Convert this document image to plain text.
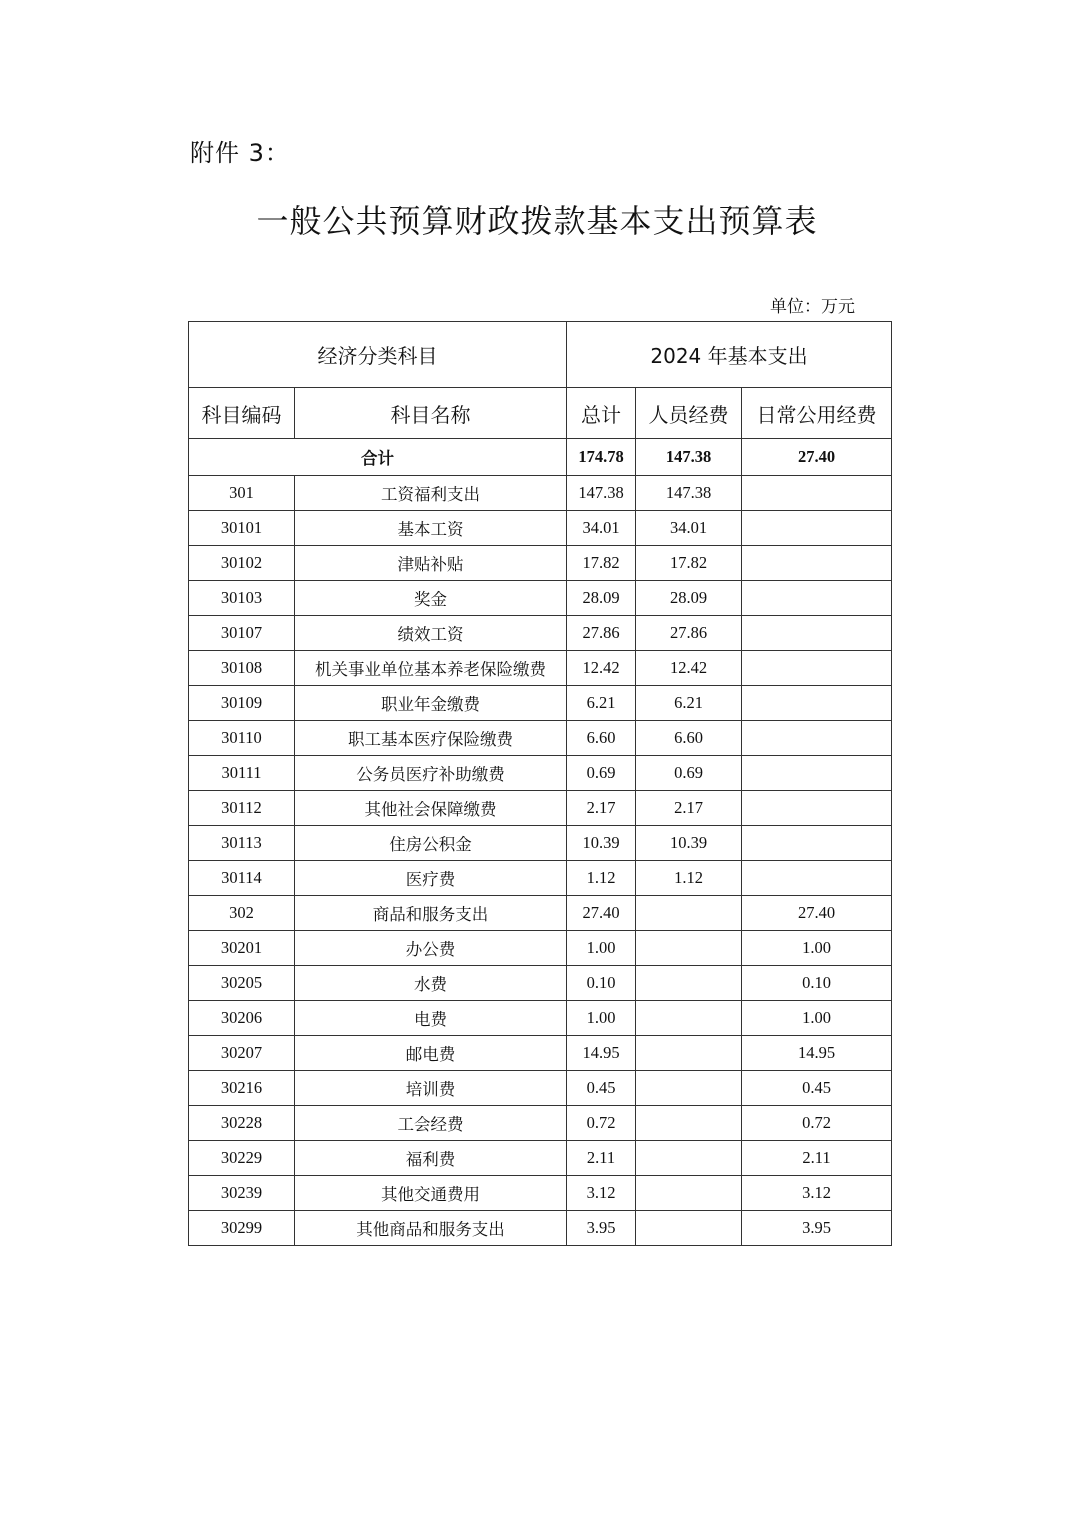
附件 3：
一般公共预算财政拨款基本支出预算表
单位：万元
经济分类科目		2024 年基本支出		
科目编码	科目名称	总计	人员经费	日常公用经费
合计		174.78	147.38	27.40
301	工资福利支出	147.38	147.38	
30101	基本工资	34.01	34.01	
30102	津贴补贴	17.82	17.82	
30103	奖金	28.09	28.09	
30107	绩效工资	27.86	27.86	
30108	机关事业单位基本养老保险缴费	12.42	12.42	
30109	职业年金缴费	6.21	6.21	
30110	职工基本医疗保险缴费	6.60	6.60	
30111	公务员医疗补助缴费	0.69	0.69	
30112	其他社会保障缴费	2.17	2.17	
30113	住房公积金	10.39	10.39	
30114	医疗费	1.12	1.12	
302	商品和服务支出	27.40		27.40
30201	办公费	1.00		1.00
30205	水费	0.10		0.10
30206	电费	1.00		1.00
30207	邮电费	14.95		14.95
30216	培训费	0.45		0.45
30228	工会经费	0.72		0.72
30229	福利费	2.11		2.11
30239	其他交通费用	3.12		3.12
30299	其他商品和服务支出	3.95		3.95
